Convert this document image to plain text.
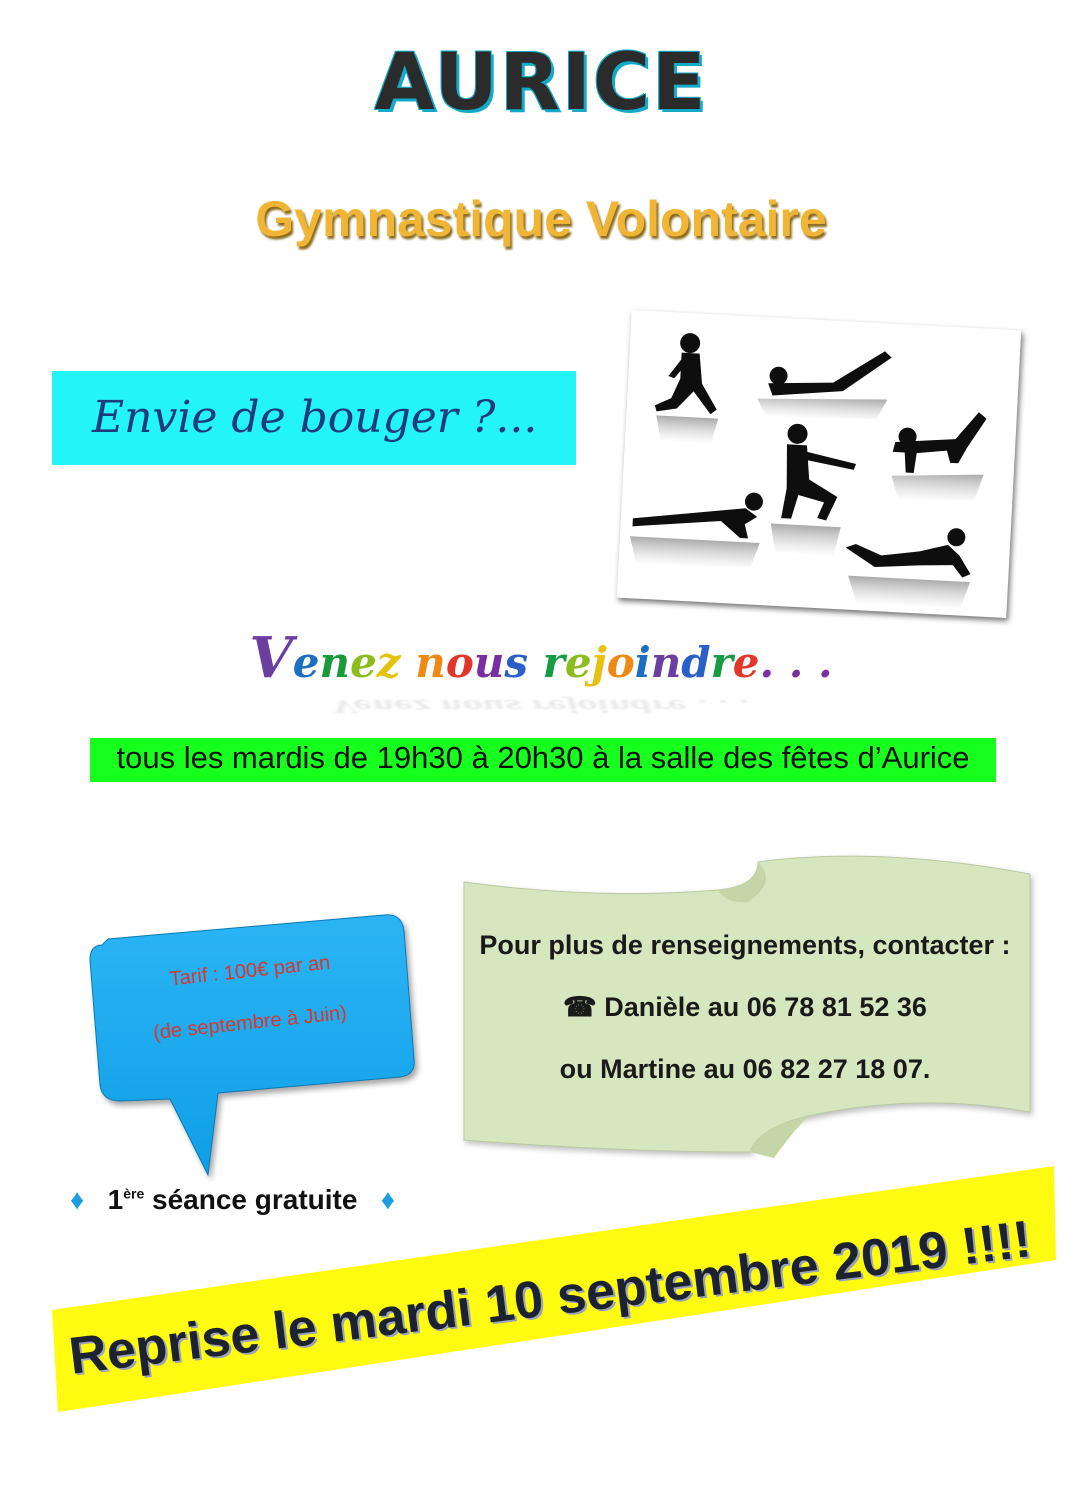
AURICE
Gymnastique Volontaire
Envie de bouger ?...
Venez nous rejoindre. . .
Venez nous rejoindre . . .
tous les mardis de 19h30 à 20h30 à la salle des fêtes d’Aurice
Tarif : 100€ par an
(de septembre à Juin)
♦ 1ère séance gratuite ♦
Pour plus de renseignements, contacter :
☎ Danièle au 06 78 81 52 36
ou Martine au 06 82 27 18 07.
Reprise le mardi 10 septembre 2019 !!!!
